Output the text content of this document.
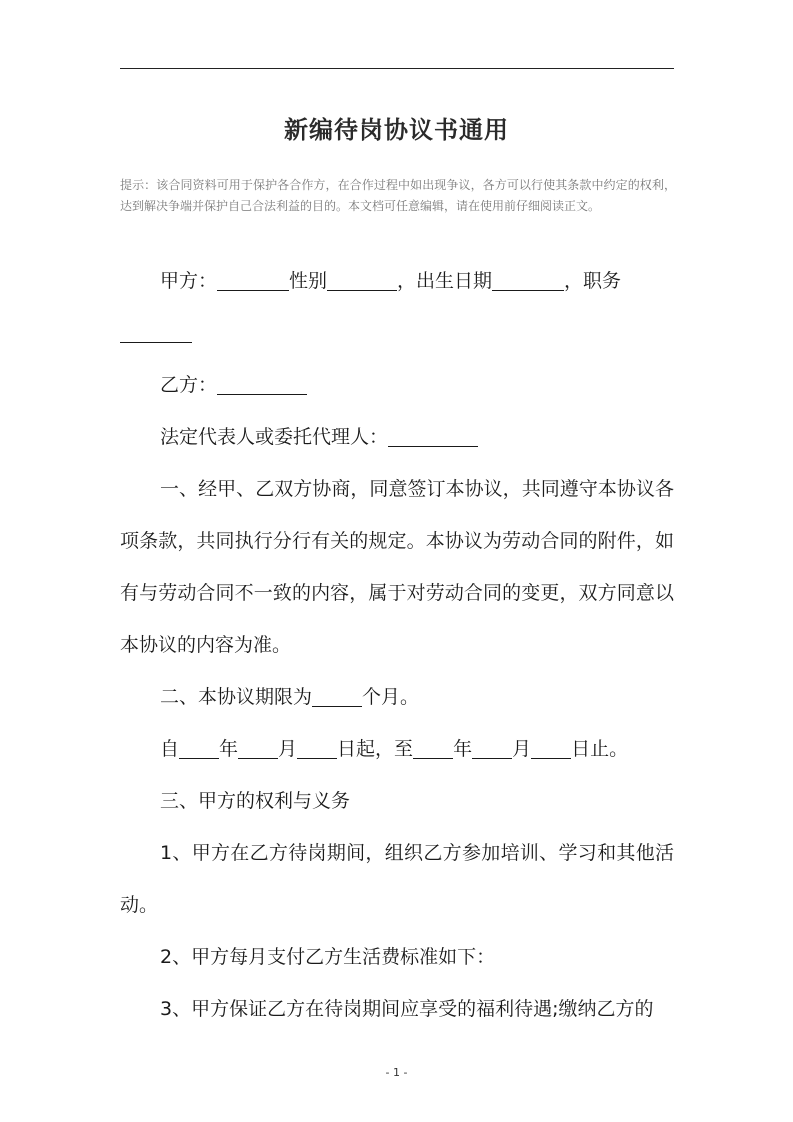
新编待岗协议书通用
提示：该合同资料可用于保护各合作方，在合作过程中如出现争议，各方可以行使其条款中约定的权利，达到解决争端并保护自己合法利益的目的。本文档可任意编辑，请在使用前仔细阅读正文。

甲方：	性别	，出生日期	，职务

乙方：

法定代表人或委托代理人：

一、经甲、乙双方协商，同意签订本协议，共同遵守本协议各项条款，共同执行分行有关的规定。本协议为劳动合同的附件，如有与劳动合同不一致的内容，属于对劳动合同的变更，双方同意以本协议的内容为准。

二、本协议期限为	个月。

自 年 月 日起，至 年 月 日止。

三、甲方的权利与义务

1、甲方在乙方待岗期间，组织乙方参加培训、学习和其他活动。

2、甲方每月支付乙方生活费标准如下：

3、甲方保证乙方在待岗期间应享受的福利待遇;缴纳乙方的

- 1 -
